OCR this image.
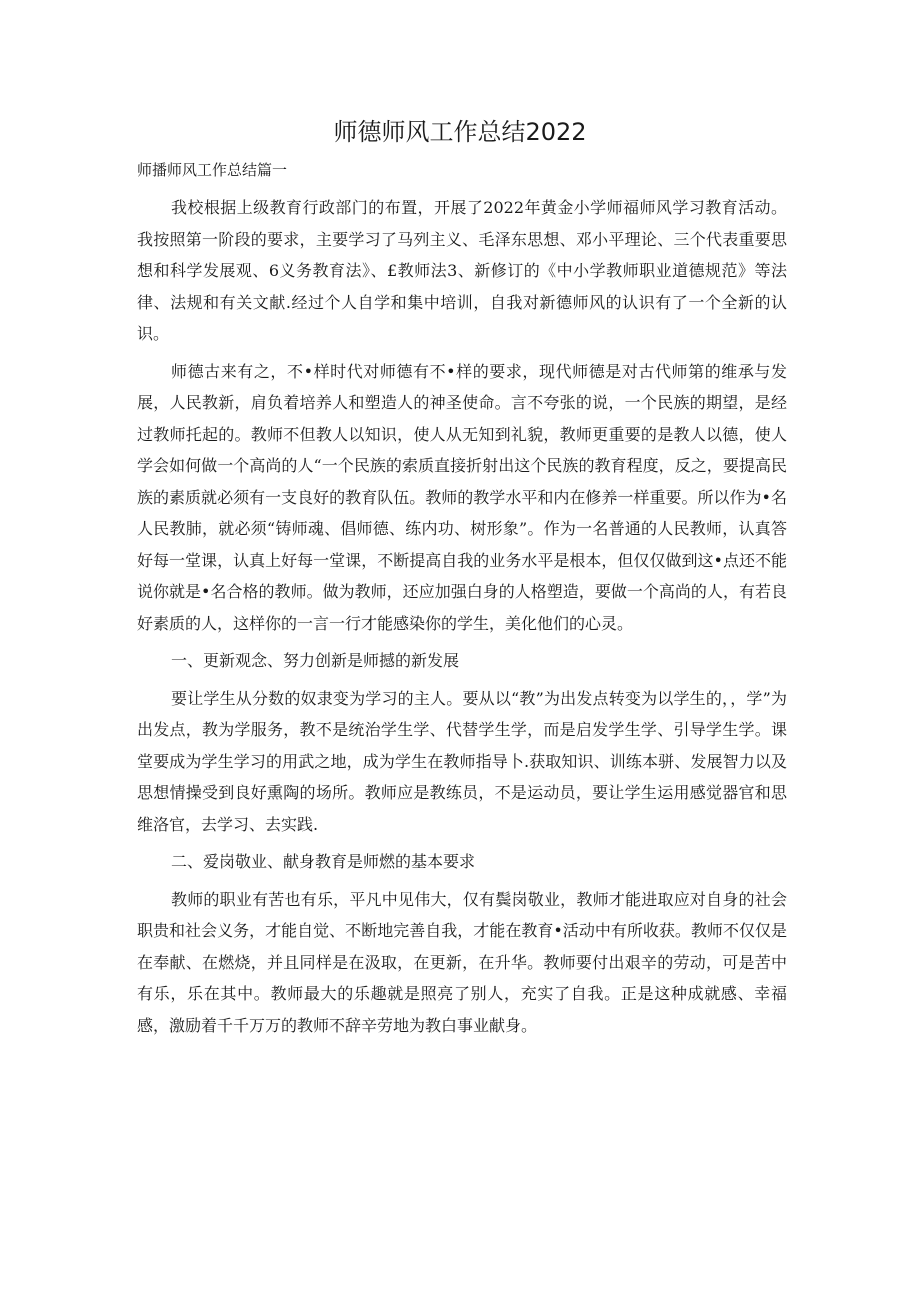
师德师风工作总结2022

师播师风工作总结篇一

我校根据上级教育行政部门的布置，开展了2022年黄金小学师福师风学习教育活动。我按照第一阶段的要求，主要学习了马列主义、毛泽东思想、邓小平理论、三个代表重要思想和科学发展观、6义务教育法》、£教师法3、新修订的《中小学教师职业道德规范》等法律、法规和有关文献.经过个人自学和集中培训，自我对新德师风的认识有了一个全新的认识。

师德古来有之，不•样时代对师德有不•样的要求，现代师德是对古代师第的维承与发展，人民教新，肩负着培养人和塑造人的神圣使命。言不夸张的说，一个民族的期望，是经过教师托起的。教师不但教人以知识，使人从无知到礼貌，教师更重要的是教人以德，使人学会如何做一个高尚的人“一个民族的索质直接折射出这个民族的教育程度，反之，要提高民族的素质就必须有一支良好的教育队伍。教师的教学水平和内在修养一样重要。所以作为•名人民教肺，就必须“铸师魂、倡师德、练内功、树形象”。作为一名普通的人民教师，认真答好每一堂课，认真上好每一堂课，不断提高自我的业务水平是根本，但仅仅做到这•点还不能说你就是•名合格的教师。做为教师，还应加强白身的人格塑造，要做一个高尚的人，有若良好素质的人，这样你的一言一行才能感染你的学生，美化他们的心灵。

一、更新观念、努力创新是师撼的新发展

要让学生从分数的奴隶变为学习的主人。要从以“教”为出发点转变为以学生的，，学”为出发点，教为学服务，教不是统治学生学、代替学生学，而是启发学生学、引导学生学。课堂要成为学生学习的用武之地，成为学生在教师指导卜.获取知识、训练本骈、发展智力以及思想情操受到良好熏陶的场所。教师应是教练员，不是运动员，要让学生运用感觉器官和思维洛官，去学习、去实践.

二、爱岗敬业、献身教育是师燃的基本要求

教师的职业有苦也有乐，平凡中见伟大，仅有鬓岗敬业，教师才能进取应对自身的社会职贵和社会义务，才能自觉、不断地完善自我，才能在教育•活动中有所收获。教师不仅仅是在奉献、在燃烧，并且同样是在汲取，在更新，在升华。教师要付出艰辛的劳动，可是苦中有乐，乐在其中。教师最大的乐趣就是照亮了别人，充实了自我。正是这种成就感、幸福感，激励着千千万万的教师不辞辛劳地为教白事业献身。
